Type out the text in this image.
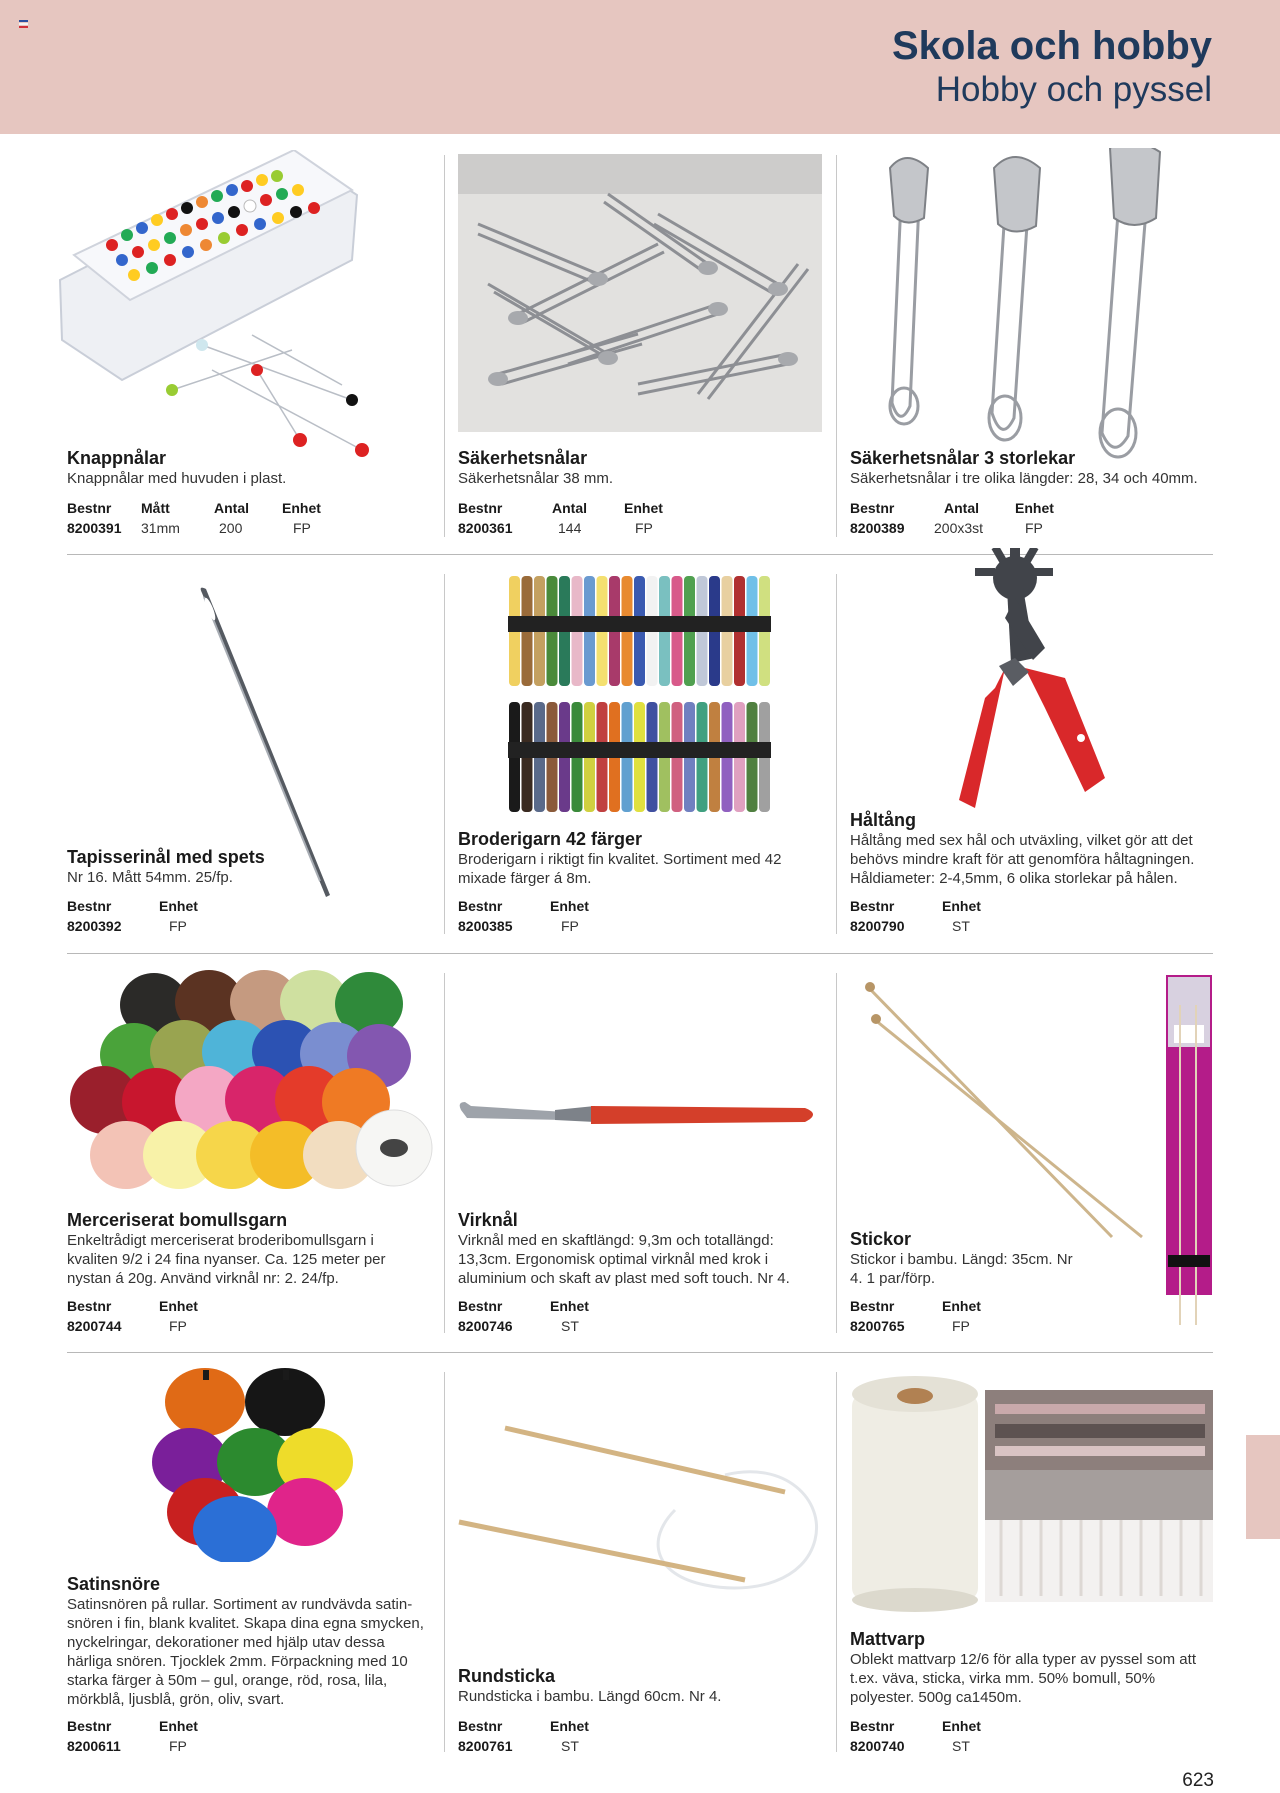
Skola och hobby
Hobby och pyssel
Knappnålar
Knappnålar med huvuden i plast.
Bestnr Mått	Antal Enhet
8200391 31mm	200	FP
Säkerhetsnålar
Säkerhetsnålar 38 mm.
Bestnr	Antal	Enhet
8200361	144	FP
Säkerhetsnålar 3 storlekar
Säkerhetsnålar i tre olika längder: 28, 34 och 40mm.
Bestnr	Antal	Enhet
8200389 200x3st	FP
Tapisserinål med spets
Nr 16. Mått 54mm. 25/fp.
Bestnr	Enhet
8200392	FP
Broderigarn 42 färger
Broderigarn i riktigt fin kvalitet. Sortiment med 42 mixade färger á 8m.
Bestnr	Enhet
8200385	FP
Håltång
Håltång med sex hål och utväxling, vilket gör att det behövs mindre kraft för att genomföra håltagningen. Håldiameter: 2-4,5mm, 6 olika storlekar på hålen.
Bestnr	Enhet
8200790	ST
Merceriserat bomullsgarn
Enkeltrådigt merceriserat broderibomullsgarn i kvaliten 9/2 i 24 fina nyanser. Ca. 125 meter per nystan á 20g. Använd virknål nr: 2. 24/fp.
Bestnr	Enhet
8200744	FP
Virknål
Virknål med en skaftlängd: 9,3m och totallängd: 13,3cm. Ergonomisk optimal virknål med krok i aluminium och skaft av plast med soft touch. Nr 4.
Bestnr	Enhet
8200746	ST
Stickor
Stickor i bambu. Längd: 35cm. Nr 4. 1 par/förp.
Bestnr	Enhet
8200765	FP
Satinsnöre
Satinsnören på rullar. Sortiment av rundvävda satinsnören i fin, blank kvalitet. Skapa dina egna smycken, nyckelringar, dekorationer med hjälp utav dessa härliga snören. Tjocklek 2mm. Förpackning med 10 starka färger à 50m – gul, orange, röd, rosa, lila, mörkblå, ljusblå, grön, oliv, svart.
Bestnr	Enhet
8200611	FP
Rundsticka
Rundsticka i bambu. Längd 60cm. Nr 4.
Bestnr	Enhet
8200761	ST
Mattvarp
Oblekt mattvarp 12/6 för alla typer av pyssel som att t.ex. väva, sticka, virka mm. 50% bomull, 50% polyester. 500g ca1450m.
Bestnr	Enhet
8200740	ST
623
